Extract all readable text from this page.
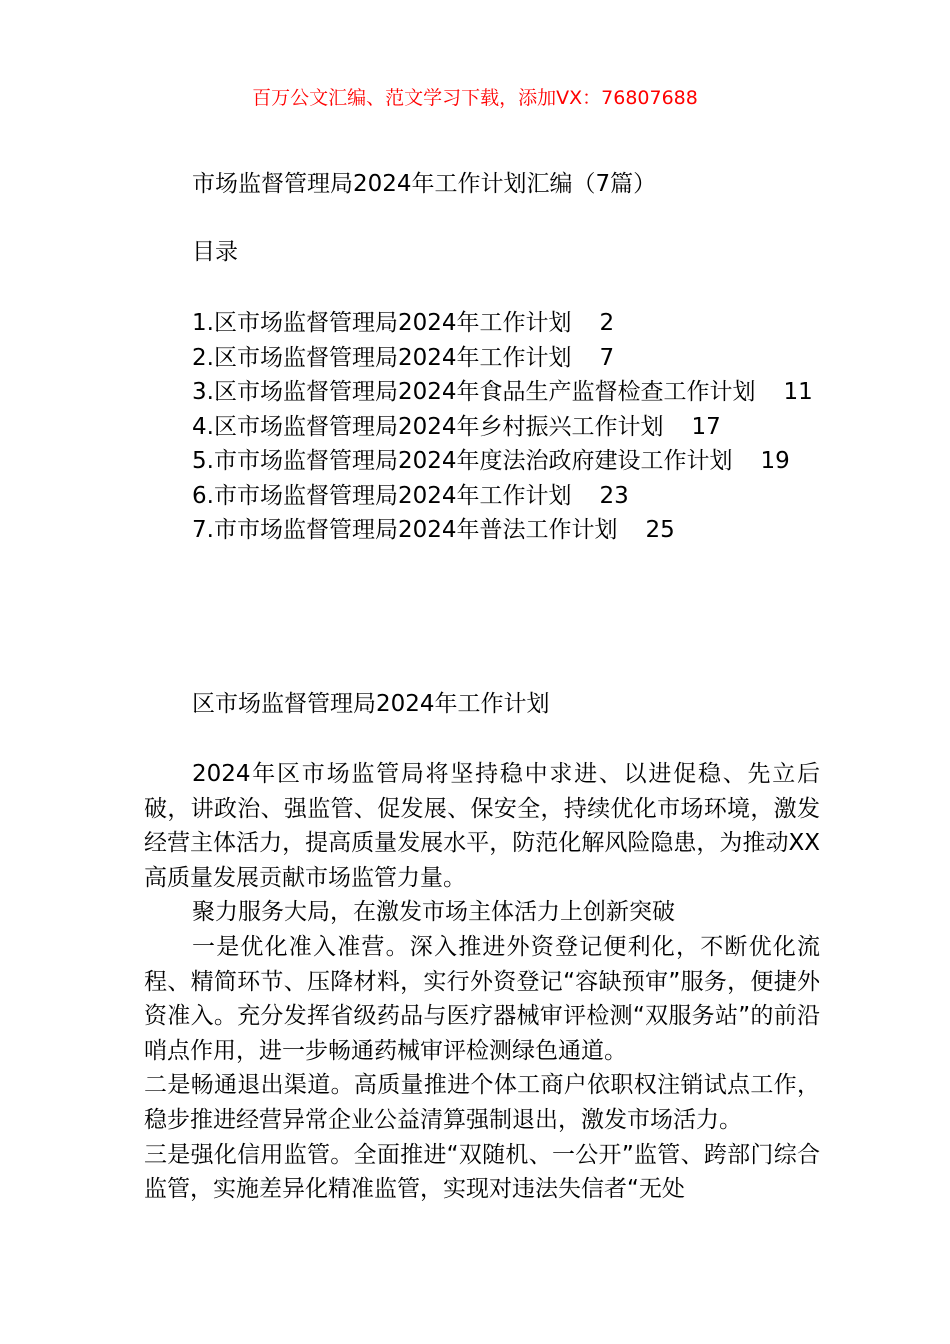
百万公文汇编、范文学习下载，添加VX：76807688
市场监督管理局2024年工作计划汇编（7篇）
目录
1.区市场监督管理局2024年工作计划 2
2.区市场监督管理局2024年工作计划 7
3.区市场监督管理局2024年食品生产监督检查工作计划 11
4.区市场监督管理局2024年乡村振兴工作计划 17
5.市市场监督管理局2024年度法治政府建设工作计划 19
6.市市场监督管理局2024年工作计划 23
7.市市场监督管理局2024年普法工作计划 25
区市场监督管理局2024年工作计划

2024年区市场监管局将坚持稳中求进、以进促稳、先立后破，讲政治、强监管、促发展、保安全，持续优化市场环境，激发经营主体活力，提高质量发展水平，防范化解风险隐患，为推动XX高质量发展贡献市场监管力量。

聚力服务大局，在激发市场主体活力上创新突破

一是优化准入准营。深入推进外资登记便利化，不断优化流程、精简环节、压降材料，实行外资登记“容缺预审”服务，便捷外资准入。充分发挥省级药品与医疗器械审评检测“双服务站”的前沿哨点作用，进一步畅通药械审评检测绿色通道。

二是畅通退出渠道。高质量推进个体工商户依职权注销试点工作，稳步推进经营异常企业公益清算强制退出，激发市场活力。

三是强化信用监管。全面推进“双随机、一公开”监管、跨部门综合监管，实施差异化精准监管，实现对违法失信者“无处
